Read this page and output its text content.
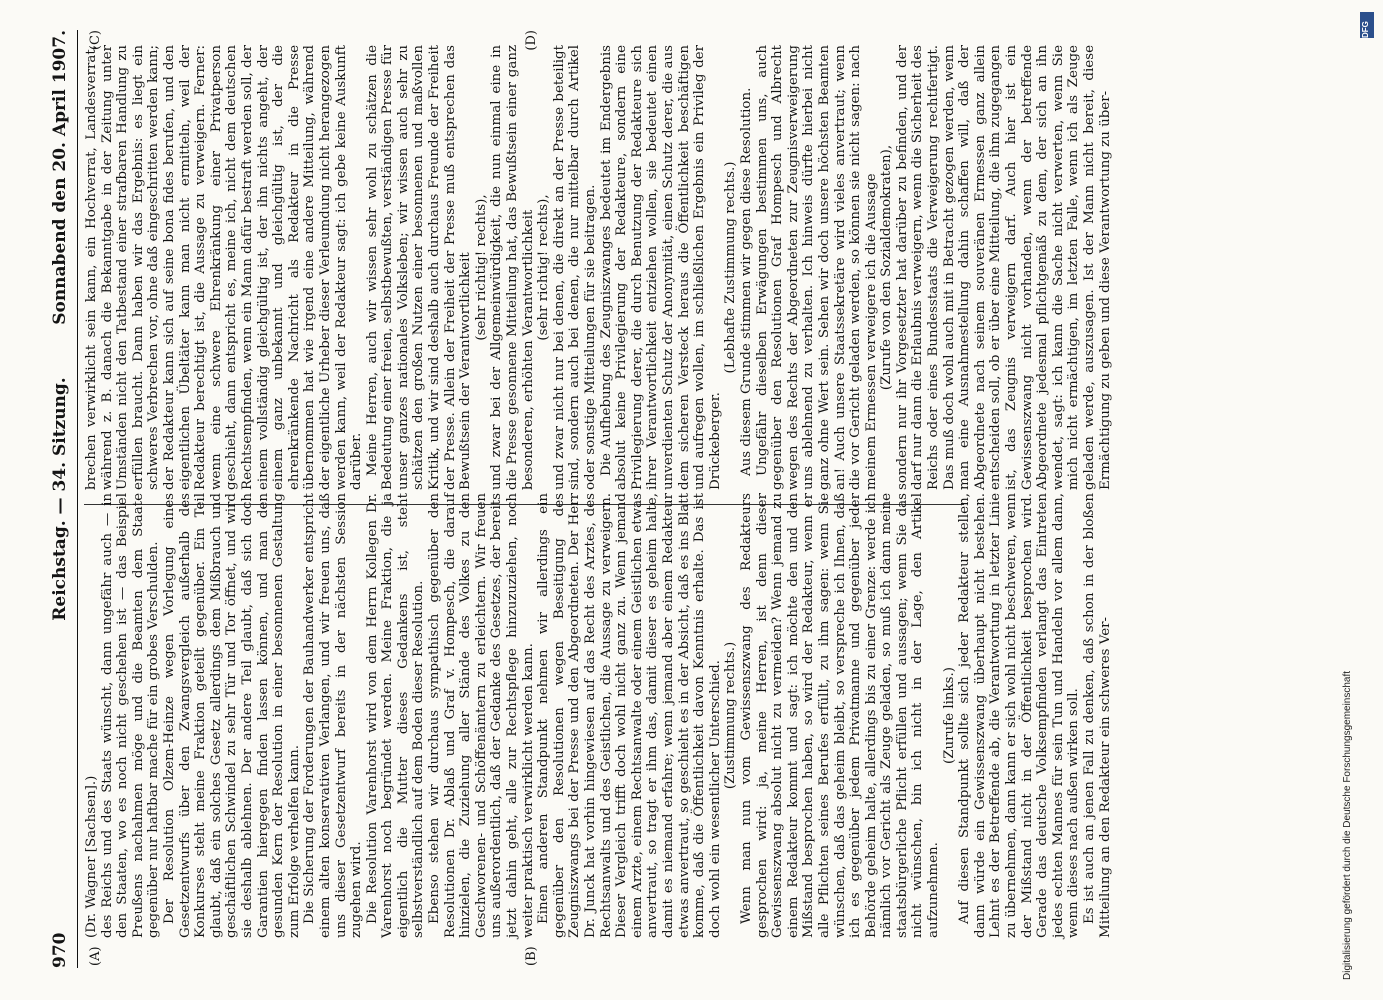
970
Reichstag. — 34. Sitzung.
Sonnabend den 20. April 1907.
(A)	(B)
(C)	(D)

(Dr. Wagner [Sachsen].) des Reichs und des Staats wünscht, dann ungefähr auch — in den Staaten, wo es noch nicht geschehen ist — das Beispiel Preußens nachahmen möge und die Beamten dem Staate gegenüber nur haftbar mache für ein grobes Verschulden. Der Resolution Olzem-Heinze wegen Vorlegung eines Gesetzentwurfs über den Zwangsvergleich außerhalb des Konkurses steht meine Fraktion geteilt gegenüber. Ein Teil glaubt, daß ein solches Gesetz allerdings dem Mißbrauch und geschäftlichen Schwindel zu sehr Tür und Tor öffnet, und wird sie deshalb ablehnen. Der andere Teil glaubt, daß sich doch Garantien hiergegen finden lassen können, und man den gesunden Kern der Resolution in einer besonnenen Gestaltung zum Erfolge verhelfen kann. Die Sicherung der Forderungen der Bauhandwerker entspricht einem alten konservativen Verlangen, und wir freuen uns, daß uns dieser Gesetzentwurf bereits in der nächsten Session zugehen wird. Die Resolution Varenhorst wird von dem Herrn Kollegen Dr. Varenhorst noch begründet werden. Meine Fraktion, die ja eigentlich die Mutter dieses Gedankens ist, steht selbstverständlich auf dem Boden dieser Resolution. Ebenso stehen wir durchaus sympathisch gegenüber den Resolutionen Dr. Ablaß und Graf v. Hompesch, die darauf hinzielen, die Zuziehung aller Stände des Volkes zu den Geschworenen- und Schöffenämtern zu erleichtern. Wir freuen uns außerordentlich, daß der Gedanke des Gesetzes, der bereits jetzt dahin geht, alle zur Rechtspflege hinzuzuziehen, noch weiter praktisch verwirklicht werden kann. Einen anderen Standpunkt nehmen wir allerdings ein gegenüber den Resolutionen wegen Beseitigung des Zeugniszwangs bei der Presse und den Abgeordneten. Der Herr Dr. Junck hat vorhin hingewiesen auf das Recht des Arztes, des Rechtsanwalts und des Geistlichen, die Aussage zu verweigern. Dieser Vergleich trifft doch wohl nicht ganz zu. Wenn jemand einem Arzte, einem Rechtsanwalte oder einem Geistlichen etwas anvertraut, so tragt er ihm das, damit dieser es geheim halte, damit es niemand erfahre; wenn jemand aber einem Redakteur etwas anvertraut, so geschieht es in der Absicht, daß es ins Blatt komme, daß die Öffentlichkeit davon Kenntnis erhalte. Das ist doch wohl ein wesentlicher Unterschied. (Zustimmung rechts.) Wenn man nun vom Gewissenszwang des Redakteurs gesprochen wird: ja, meine Herren, ist denn dieser Gewissenszwang absolut nicht zu vermeiden? Wenn jemand zu einem Redakteur kommt und sagt: ich möchte den und den Mißstand besprochen haben, so wird der Redakteur, wenn er alle Pflichten seines Berufes erfüllt, zu ihm sagen: wenn Sie wünschen, daß das geheim bleibt, so verspreche ich Ihnen, daß ich es gegenüber jedem Privatmanne und gegenüber jeder Behörde geheim halte, allerdings bis zu einer Grenze: werde ich nämlich vor Gericht als Zeuge geladen, so muß ich dann meine staatsbürgerliche Pflicht erfüllen und aussagen; wenn Sie das nicht wünschen, bin ich nicht in der Lage, den Artikel aufzunehmen.

(Zurufe links.) Auf diesen Standpunkt sollte sich jeder Redakteur stellen, dann würde ein Gewissenszwang überhaupt nicht bestehen. Lehnt es der Betreffende ab, die Verantwortung in letzter Linie zu übernehmen, dann kann er sich wohl nicht beschweren, wenn der Mißstand nicht in der Öffentlichkeit besprochen wird. Gerade das deutsche Volksempfinden verlangt das Eintreten jedes echten Mannes für sein Tun und Handeln vor allem dann, wenn dieses nach außen wirken soll. Es ist auch an jenen Fall zu denken, daß schon in der bloßen Mitteilung an den Redakteur ein schweres Ver-

brechen verwirklicht sein kann, ein Hochverrat, Landesverrat, während z. B. danach die Bekanntgabe in der Zeitung unter Umständen nicht den Tatbestand einer strafbaren Handlung zu erfüllen braucht. Dann haben wir das Ergebnis: es liegt ein schweres Verbrechen vor, ohne daß eingeschritten werden kann; der Redakteur kann sich auf seine bona fides berufen, und den eigentlichen Übeltäter kann man nicht ermitteln, weil der Redakteur berechtigt ist, die Aussage zu verweigern. Ferner: wenn eine schwere Ehrenkränkung einer Privatperson geschieht, dann entspricht es, meine ich, nicht dem deutschen Rechtsempfinden, wenn ein Mann dafür bestraft werden soll, der einem vollständig gleichgültig ist, der ihn nichts angeht, der einem ganz unbekannt und gleichgültig ist, der die ehrenkränkende Nachricht als Redakteur in die Presse übernommen hat wie irgend eine andere Mitteilung, während der eigentliche Urheber dieser Verleumdung nicht herangezogen werden kann, weil der Redakteur sagt: ich gebe keine Auskunft darüber. Meine Herren, auch wir wissen sehr wohl zu schätzen die Bedeutung einer freien, selbstbewußten, verständigen Presse für unser ganzes nationales Volksleben; wir wissen auch sehr zu schätzen den großen Nutzen einer besonnenen und maßvollen Kritik, und wir sind deshalb auch durchaus Freunde der Freiheit der Presse. Allein der Freiheit der Presse muß entsprechen das Bewußtsein der Verantwortlichkeit (sehr richtig! rechts), und zwar bei der Allgemeinwürdigkeit, die nun einmal eine in die Presse gesonnene Mitteilung hat, das Bewußtsein einer ganz besonderen, erhöhten Verantwortlichkeit (sehr richtig! rechts), und zwar nicht nur bei denen, die direkt an der Presse beteiligt sind, sondern auch bei denen, die nur mittelbar durch Artikel oder sonstige Mitteilungen für sie beitragen. Die Aufhebung des Zeugniszwanges bedeutet im Endergebnis absolut keine Privilegierung der Redakteure, sondern eine Privilegierung derer, die durch Benutzung der Redakteure sich ihrer Verantwortlichkeit entziehen wollen, sie bedeutet einen unverdienten Schutz der Anonymität, einen Schutz derer, die aus dem sicheren Versteck heraus die Öffentlichkeit beschäftigen und aufregen wollen, im schließlichen Ergebnis ein Privileg der Drückeberger.

(Lebhafte Zustimmung rechts.) Aus diesem Grunde stimmen wir gegen diese Resolution. Ungefähr dieselben Erwägungen bestimmen uns, auch gegenüber den Resolutionen Graf Hompesch und Albrecht wegen des Rechts der Abgeordneten zur Zeugnisverweigerung uns ablehnend zu verhalten. Ich hinweis dürfte hierbei nicht ganz ohne Wert sein. Sehen wir doch unsere höchsten Beamten an! Auch unsere Staatssekretäre wird vieles anvertraut; wenn die vor Gericht geladen werden, so können sie nicht sagen: nach meinem Ermessen verweigere ich die Aussage (Zurufe von den Sozialdemokraten), sondern nur ihr Vorgesetzter hat darüber zu befinden, und der darf nur dann die Erlaubnis verweigern, wenn die Sicherheit des Reichs oder eines Bundesstaats die Verweigerung rechtfertigt. Das muß doch wohl auch mit in Betracht gezogen werden, wenn man eine Ausnahmestellung dahin schaffen will, daß der Abgeordnete nach seinem souveränen Ermessen ganz allein entscheiden soll, ob er über eine Mitteilung, die ihm zugegangen ist, das Zeugnis verweigern darf. Auch hier ist ein Gewissenszwang nicht vorhanden, wenn der betreffende Abgeordnete jedesmal pflichtgemäß zu dem, der sich an ihn wendet, sagt: ich kann die Sache nicht verwerten, wenn Sie mich nicht ermächtigen, im letzten Falle, wenn ich als Zeuge geladen werde, auszusagen. Ist der Mann nicht bereit, diese Ermächtigung zu geben und diese Verantwortung zu über-

DFG
Digitalisierung gefördert durch die Deutsche Forschungsgemeinschaft
